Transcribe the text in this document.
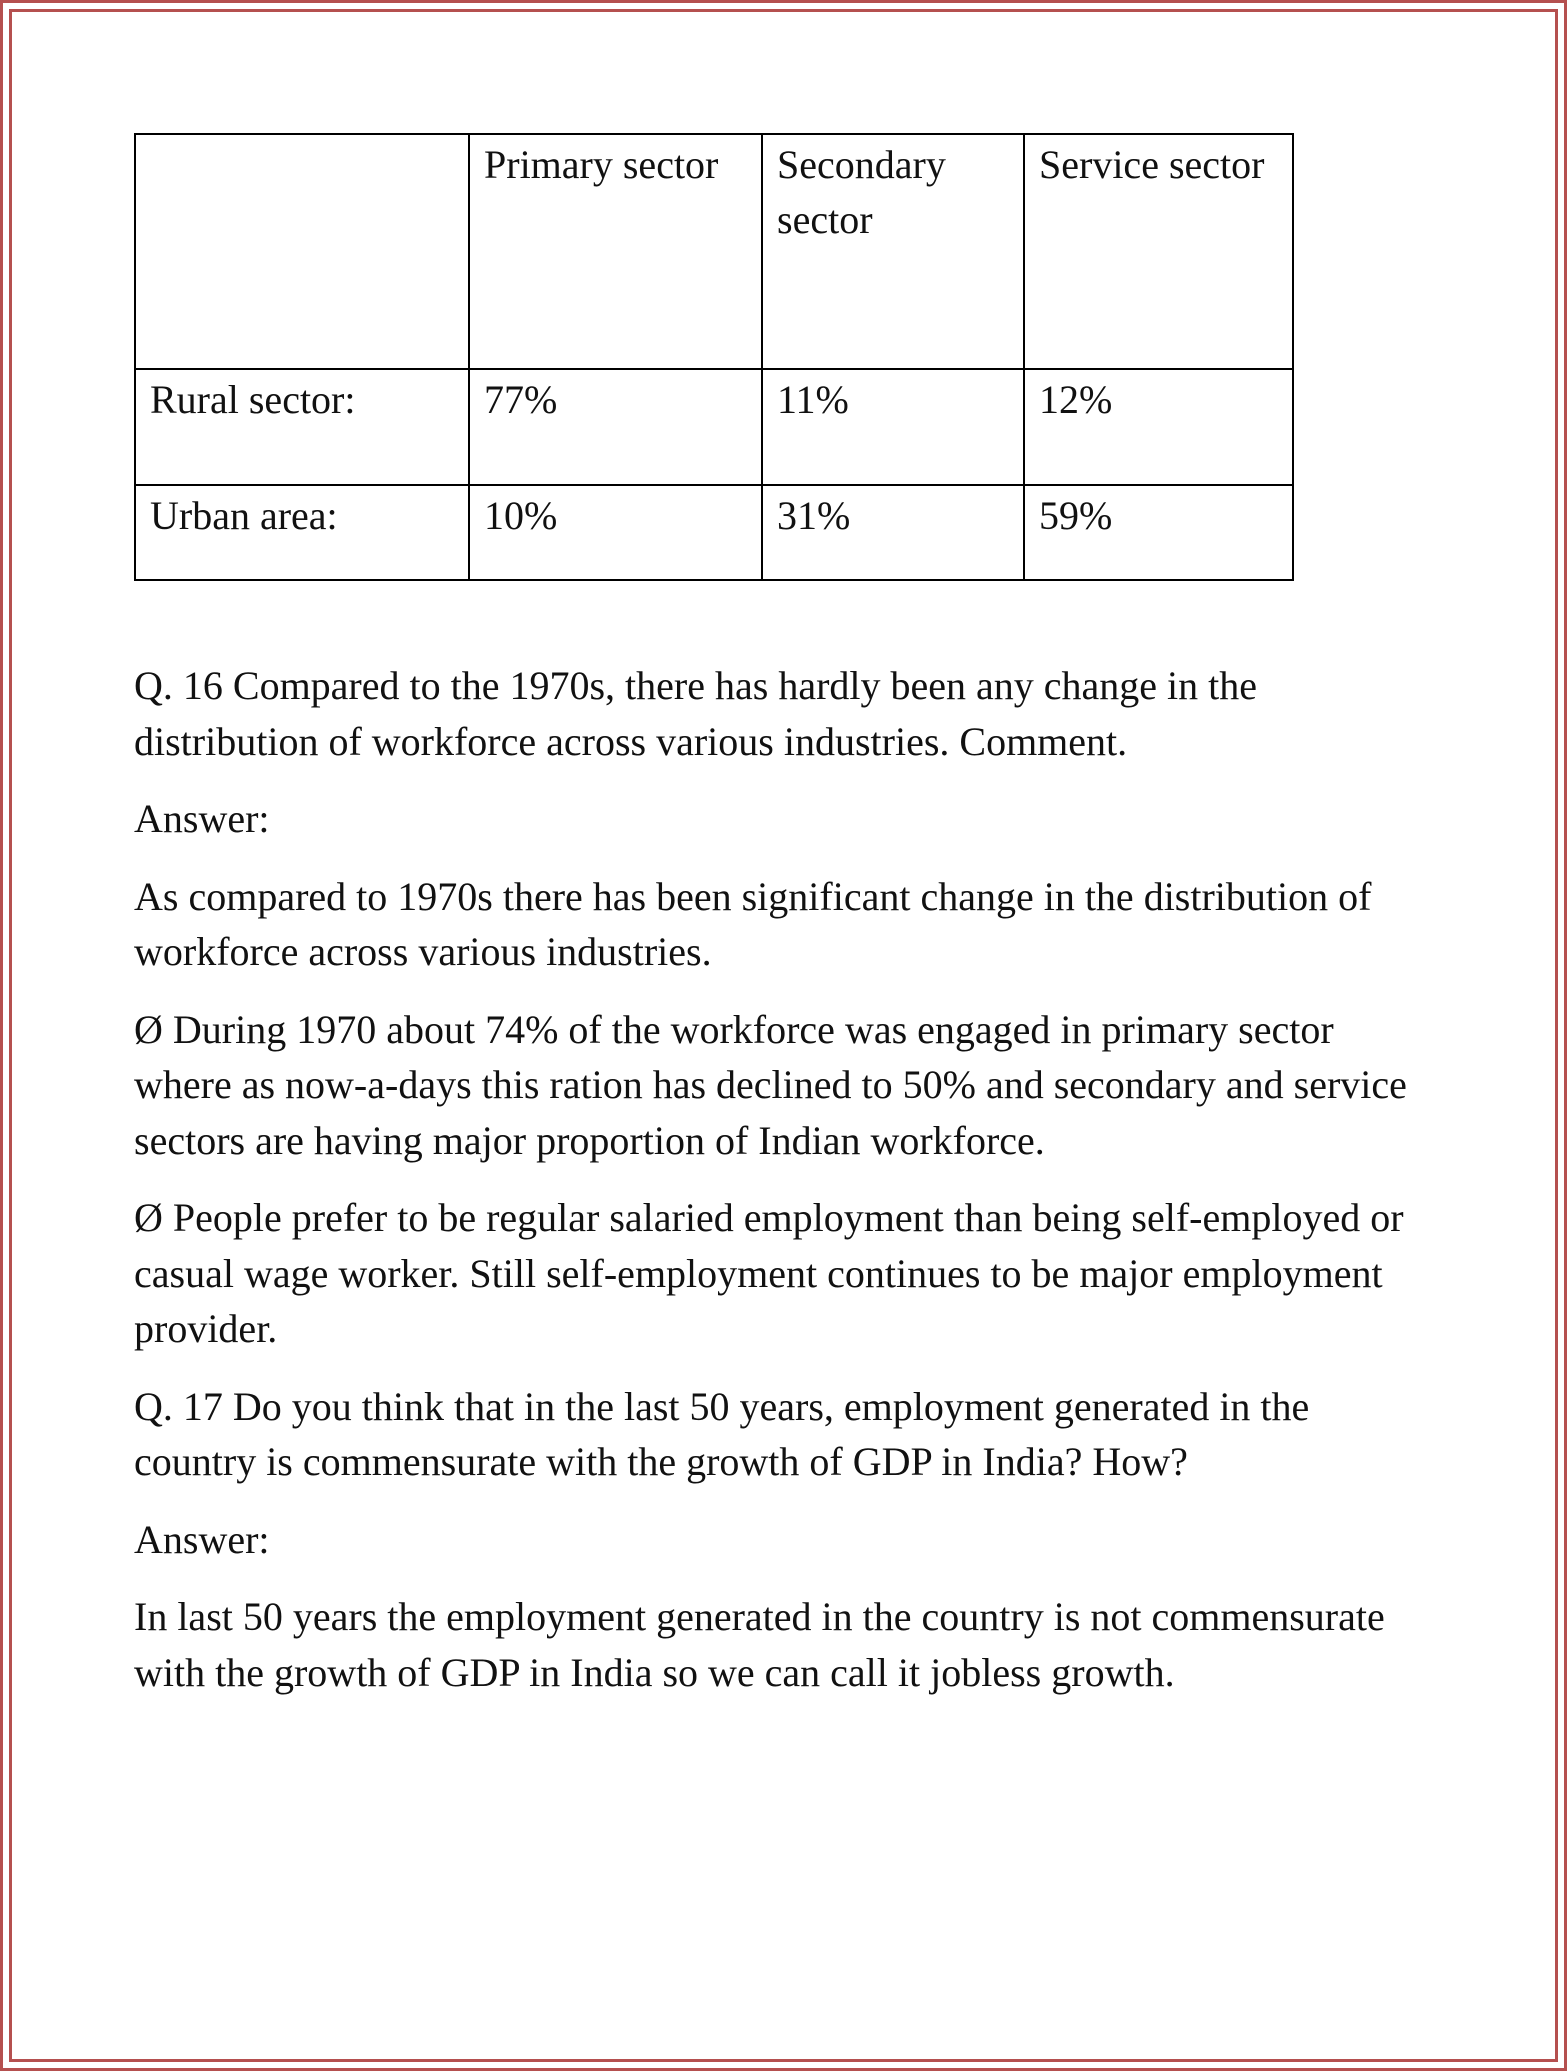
	Primary sector	Secondary sector	Service sector
Rural sector:	77%	11%	12%
Urban area:	10%	31%	59%

Q. 16 Compared to the 1970s, there has hardly been any change in the distribution of workforce across various industries. Comment.

Answer:

As compared to 1970s there has been significant change in the distribution of workforce across various industries.

Ø During 1970 about 74% of the workforce was engaged in primary sector where as now-a-days this ration has declined to 50% and secondary and service sectors are having major proportion of Indian workforce.

Ø People prefer to be regular salaried employment than being self-employed or casual wage worker. Still self-employment continues to be major employment provider.

Q. 17 Do you think that in the last 50 years, employment generated in the country is commensurate with the growth of GDP in India? How?

Answer:

In last 50 years the employment generated in the country is not commensurate with the growth of GDP in India so we can call it jobless growth.
